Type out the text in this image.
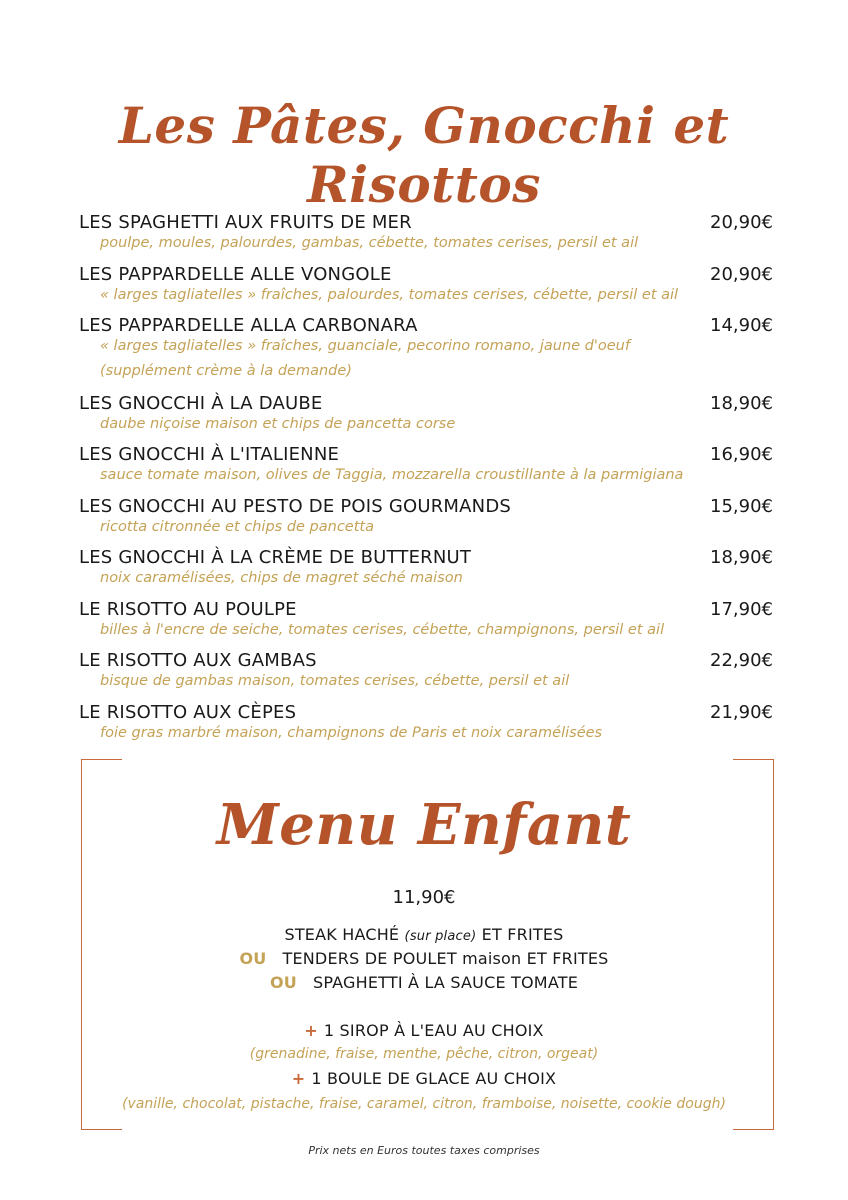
Les Pâtes, Gnocchi et Risottos
LES SPAGHETTI AUX FRUITS DE MER	20,90€
poulpe, moules, palourdes, gambas, cébette, tomates cerises, persil et ail
LES PAPPARDELLE ALLE VONGOLE	20,90€
« larges tagliatelles » fraîches, palourdes, tomates cerises, cébette, persil et ail
LES PAPPARDELLE ALLA CARBONARA	14,90€
« larges tagliatelles » fraîches, guanciale, pecorino romano, jaune d'oeuf
(supplément crème à la demande)
LES GNOCCHI À LA DAUBE	18,90€
daube niçoise maison et chips de pancetta corse
LES GNOCCHI À L'ITALIENNE	16,90€
sauce tomate maison, olives de Taggia, mozzarella croustillante à la parmigiana
LES GNOCCHI AU PESTO DE POIS GOURMANDS	15,90€
ricotta citronnée et chips de pancetta
LES GNOCCHI À LA CRÈME DE BUTTERNUT	18,90€
noix caramélisées, chips de magret séché maison
LE RISOTTO AU POULPE	17,90€
billes à l'encre de seiche, tomates cerises, cébette, champignons, persil et ail
LE RISOTTO AUX GAMBAS	22,90€
bisque de gambas maison, tomates cerises, cébette, persil et ail
LE RISOTTO AUX CÈPES	21,90€
foie gras marbré maison, champignons de Paris et noix caramélisées
Menu Enfant
11,90€
STEAK HACHÉ (sur place) ET FRITES
OU TENDERS DE POULET maison ET FRITES
OU SPAGHETTI À LA SAUCE TOMATE
+ 1 SIROP À L'EAU AU CHOIX
(grenadine, fraise, menthe, pêche, citron, orgeat)
+ 1 BOULE DE GLACE AU CHOIX
(vanille, chocolat, pistache, fraise, caramel, citron, framboise, noisette, cookie dough)
Prix nets en Euros toutes taxes comprises
